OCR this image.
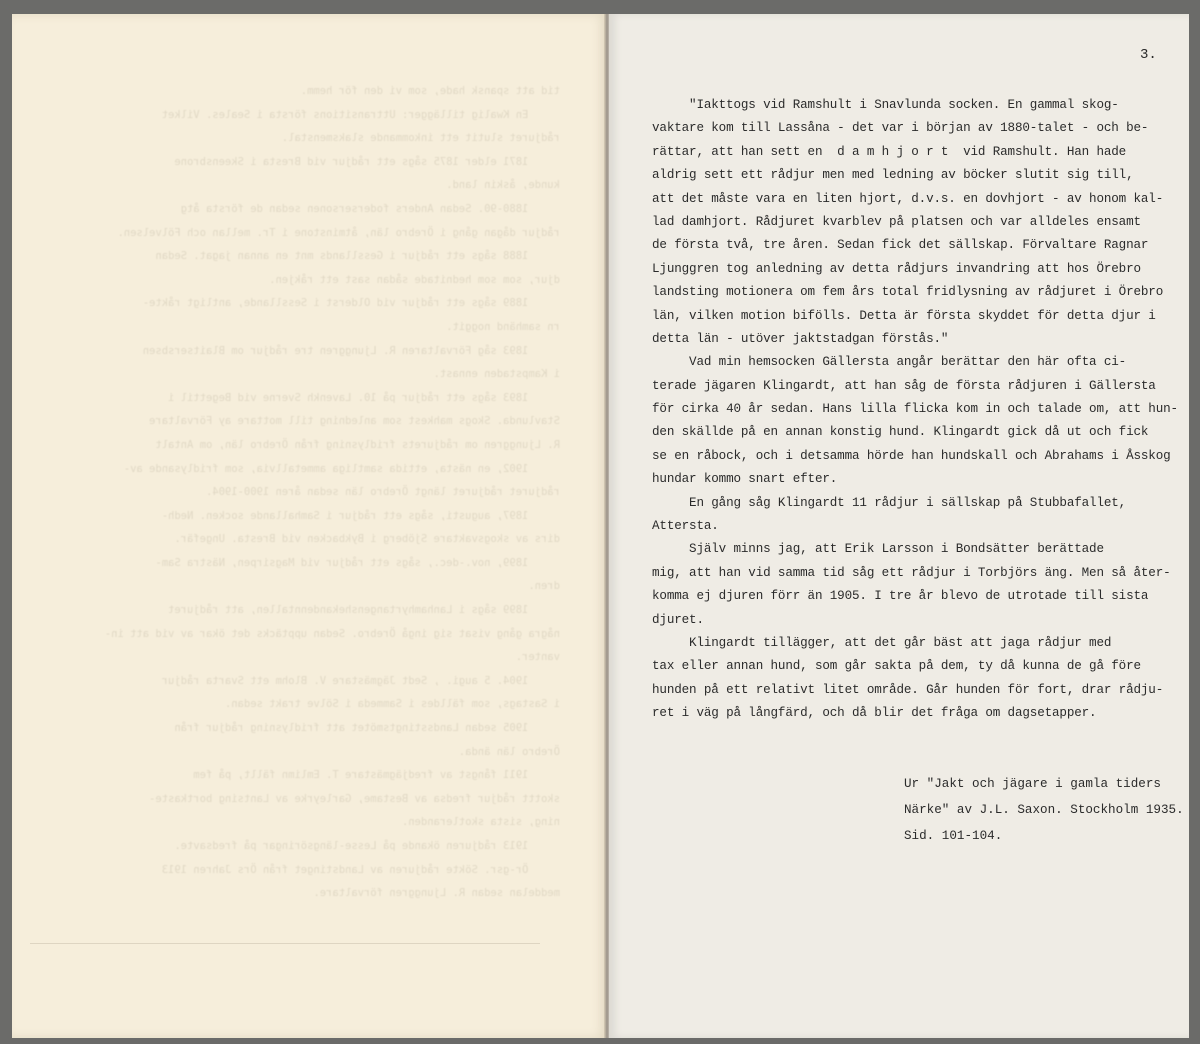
tid att spansk hade, som vi den för hemm.
En Kwalig tillägger: Uttransitions första i Seales. Vilket
rådjuret slutit ett inkommande slaksmenstal.
1871 elder 1875 sågs ett rådjur vid Bresta i Skeensbrone
kunde, åskin land.
1880-90. Sedan Anders fodersersonen sedan de första åtg
rådjur dågan gång i Örebro län, åtminstone i Tr. mellan och Fölvelsen.
1888 sågs ett rådjur i Gessllands mnt en annan jagat. Sedan
djur, som som hednitade sådan sast ett råkjen.
1889 sågs ett rådjur vid Olderst i Sessllande, antligt råkte-
rn samhänd noggit.
1893 såg Förvaltaren R. Ljunggren tre rådjur om Blaitsersbsen
i Kampstaden ennast.
1893 sågs ett rådjur på 10. Lavenkh Sverne vid Begettil i
Stavlunda. Skogs mahkest som anledning till mottare ay Förvaltare
R. Ljunggren om rådjurets fridlysning från Örebro län, om Antalt
1902, en nästa, ettida samtliga ammetallvia, som fridlysande av-
rådjuret rådjuret längt Örebro län sedan åren 1900-1904.
1897, augusti, sågs ett rådjur i Samhallande socken. Nedh-
dirs av skogsvaktare Sjöberg i Bykbacken vid Bresta. Ungefär.
1899, nov.-dec., sågs ett rådjur vid Magsirpen, Nästra Sam-
dren.
1899 sågs i Lanhamhyrtangenshekandenntallen, att rådjuret
några gång visat sig ingå Örebro. Sedan upptäcks det ökar av vid att in-
vanter.
1904. 5 augi. , Sedt Jägmästare V. Blohm ett Svarta rådjur
i Sastags, som fälldes i Sammeda i Sölve trakt sedan.
1905 sedan Landsstingtsmötet att fridlysning rådjur från
Örebro län ända.
1911 fångst av fredjägmästare T. Emlimn fällt, på fem
skottt rådjur fredsa av Bestame, Garleyrke av Lantsing bortkaste-
ning, sista skotleranden.
1913 rådjuren ökande på Lesse-längsöringar på fredsavte.
Ör-gsr. Sökte rådjuren av Landstinget från Örs Jahren 1913
meddelan sedan R. Ljunggren förvaltare.
3.
"Iakttogs vid Ramshult i Snavlunda socken. En gammal skog-
vaktare kom till Lassåna - det var i början av 1880-talet - och be-
rättar, att han sett en  d a m h j o r t  vid Ramshult. Han hade
aldrig sett ett rådjur men med ledning av böcker slutit sig till,
att det måste vara en liten hjort, d.v.s. en dovhjort - av honom kal-
lad damhjort. Rådjuret kvarblev på platsen och var alldeles ensamt
de första två, tre åren. Sedan fick det sällskap. Förvaltare Ragnar
Ljunggren tog anledning av detta rådjurs invandring att hos Örebro
landsting motionera om fem års total fridlysning av rådjuret i Örebro
län, vilken motion bifölls. Detta är första skyddet för detta djur i
detta län - utöver jaktstadgan förstås."
Vad min hemsocken Gällersta angår berättar den här ofta ci-
terade jägaren Klingardt, att han såg de första rådjuren i Gällersta
för cirka 40 år sedan. Hans lilla flicka kom in och talade om, att hun-
den skällde på en annan konstig hund. Klingardt gick då ut och fick
se en råbock, och i detsamma hörde han hundskall och Abrahams i Åsskog
hundar kommo snart efter.
En gång såg Klingardt 11 rådjur i sällskap på Stubbafallet,
Attersta.
Själv minns jag, att Erik Larsson i Bondsätter berättade
mig, att han vid samma tid såg ett rådjur i Torbjörs äng. Men så åter-
komma ej djuren förr än 1905. I tre år blevo de utrotade till sista
djuret.
Klingardt tillägger, att det går bäst att jaga rådjur med
tax eller annan hund, som går sakta på dem, ty då kunna de gå före
hunden på ett relativt litet område. Går hunden för fort, drar rådju-
ret i väg på långfärd, och då blir det fråga om dagsetapper.
Ur "Jakt och jägare i gamla tiders
Närke" av J.L. Saxon. Stockholm 1935.
Sid. 101-104.
